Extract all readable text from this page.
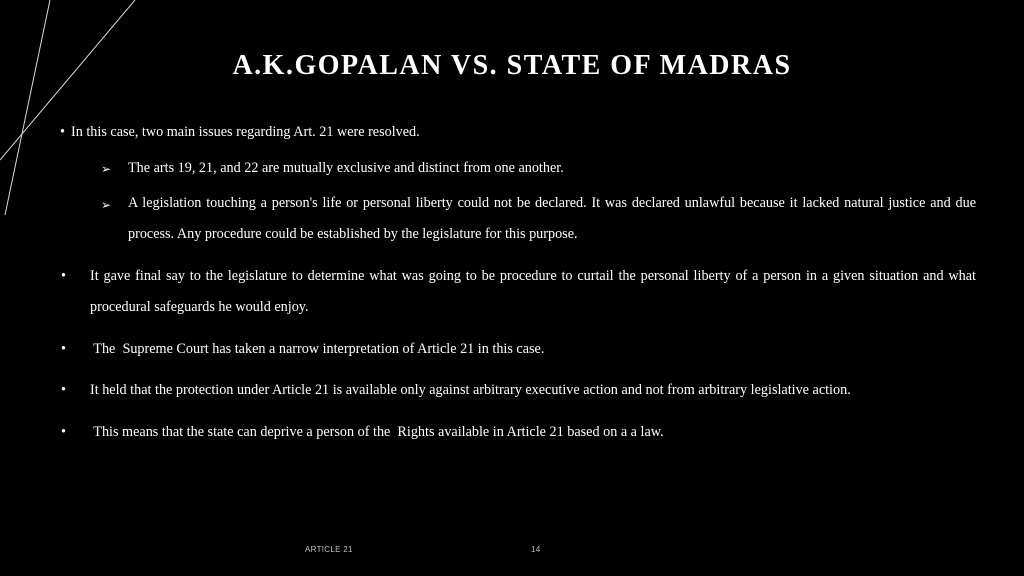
A.K.GOPALAN VS. STATE OF MADRAS
• In this case, two main issues regarding Art. 21 were resolved.
➢ The arts 19, 21, and 22 are mutually exclusive and distinct from one another.
➢ A legislation touching a person's life or personal liberty could not be declared. It was declared unlawful because it lacked natural justice and due process. Any procedure could be established by the legislature for this purpose.
• It gave final say to the legislature to determine what was going to be procedure to curtail the personal liberty of a person in a given situation and what procedural safeguards he would enjoy.
• The  Supreme Court has taken a narrow interpretation of Article 21 in this case.
• It held that the protection under Article 21 is available only against arbitrary executive action and not from arbitrary legislative action.
• This means that the state can deprive a person of the  Rights available in Article 21 based on a a law.
ARTICLE 21	14
